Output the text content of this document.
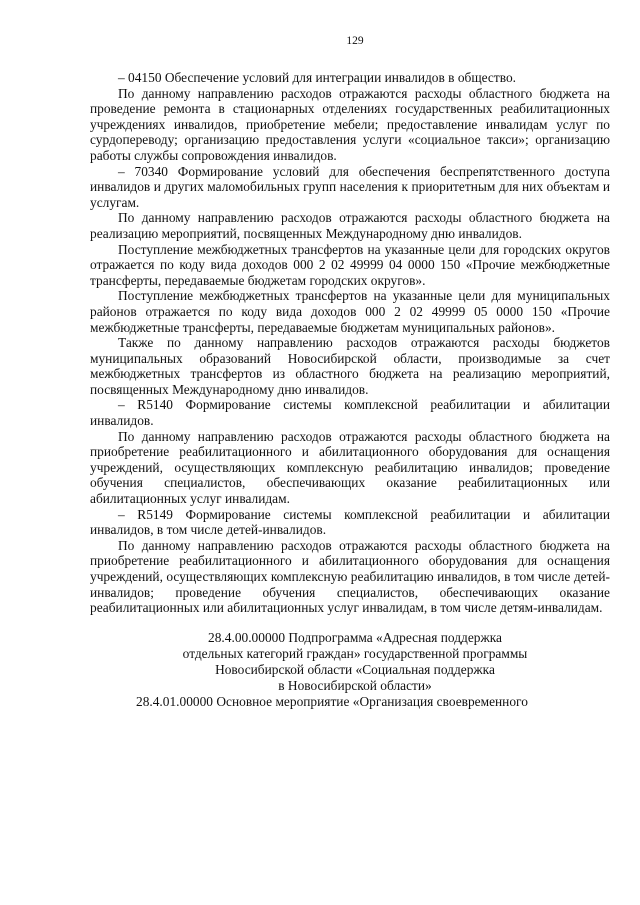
129

– 04150 Обеспечение условий для интеграции инвалидов в общество.

По данному направлению расходов отражаются расходы областного бюджета на проведение ремонта в стационарных отделениях государственных реабилитационных учреждениях инвалидов, приобретение мебели; предоставление инвалидам услуг по сурдопереводу; организацию предоставления услуги «социальное такси»; организацию работы службы сопровождения инвалидов.

– 70340 Формирование условий для обеспечения беспрепятственного доступа инвалидов и других маломобильных групп населения к приоритетным для них объектам и услугам.

По данному направлению расходов отражаются расходы областного бюджета на реализацию мероприятий, посвященных Международному дню инвалидов.

Поступление межбюджетных трансфертов на указанные цели для городских округов отражается по коду вида доходов 000 2 02 49999 04 0000 150 «Прочие межбюджетные трансферты, передаваемые бюджетам городских округов».

Поступление межбюджетных трансфертов на указанные цели для муниципальных районов отражается по коду вида доходов 000 2 02 49999 05 0000 150 «Прочие межбюджетные трансферты, передаваемые бюджетам муниципальных районов».

Также по данному направлению расходов отражаются расходы бюджетов муниципальных образований Новосибирской области, производимые за счет межбюджетных трансфертов из областного бюджета на реализацию мероприятий, посвященных Международному дню инвалидов.

– R5140 Формирование системы комплексной реабилитации и абилитации инвалидов.

По данному направлению расходов отражаются расходы областного бюджета на приобретение реабилитационного и абилитационного оборудования для оснащения учреждений, осуществляющих комплексную реабилитацию инвалидов; проведение обучения специалистов, обеспечивающих оказание реабилитационных или абилитационных услуг инвалидам.

– R5149 Формирование системы комплексной реабилитации и абилитации инвалидов, в том числе детей-инвалидов.

По данному направлению расходов отражаются расходы областного бюджета на приобретение реабилитационного и абилитационного оборудования для оснащения учреждений, осуществляющих комплексную реабилитацию инвалидов, в том числе детей-инвалидов; проведение обучения специалистов, обеспечивающих оказание реабилитационных или абилитационных услуг инвалидам, в том числе детям-инвалидам.

28.4.00.00000 Подпрограмма «Адресная поддержка
отдельных категорий граждан» государственной программы
Новосибирской области «Социальная поддержка
в Новосибирской области»

28.4.01.00000 Основное мероприятие «Организация своевременного
